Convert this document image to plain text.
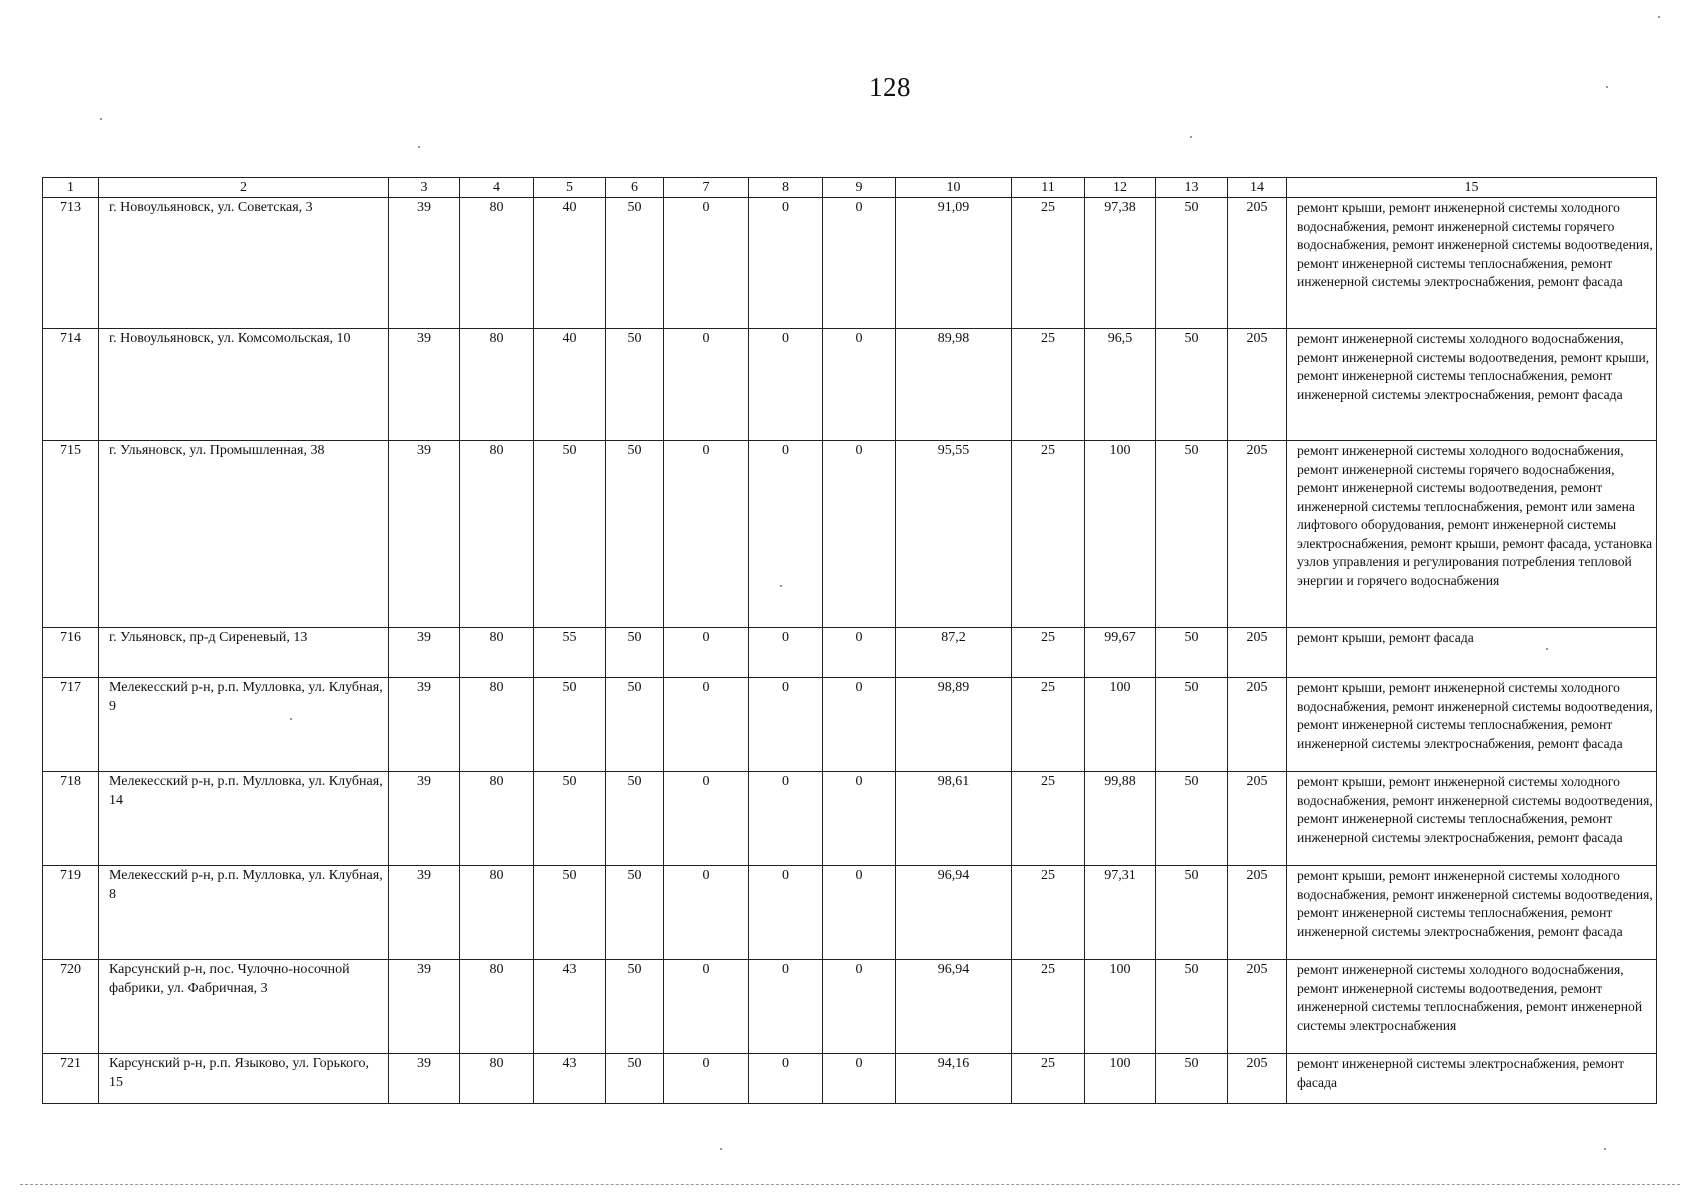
128
1	2	3	4	5	6	7	8	9	10	11	12	13	14	15
713	г. Новоульяновск, ул. Советская, 3	39	80	40	50	0	0	0	91,09	25	97,38	50	205	ремонт крыши, ремонт инженерной системы холодного водоснабжения, ремонт инженерной системы горячего водоснабжения, ремонт инженерной системы водоотведения, ремонт инженерной системы теплоснабжения, ремонт инженерной системы электроснабжения, ремонт фасада
714	г. Новоульяновск, ул. Комсомольская, 10	39	80	40	50	0	0	0	89,98	25	96,5	50	205	ремонт инженерной системы холодного водоснабжения, ремонт инженерной системы водоотведения, ремонт крыши, ремонт инженерной системы теплоснабжения, ремонт инженерной системы электроснабжения, ремонт фасада
715	г. Ульяновск, ул. Промышленная, 38	39	80	50	50	0	0	0	95,55	25	100	50	205	ремонт инженерной системы холодного водоснабжения, ремонт инженерной системы горячего водоснабжения, ремонт инженерной системы водоотведения, ремонт инженерной системы теплоснабжения, ремонт или замена лифтового оборудования, ремонт инженерной системы электроснабжения, ремонт крыши, ремонт фасада, установка узлов управления и регулирования потребления тепловой энергии и горячего водоснабжения
716	г. Ульяновск, пр-д Сиреневый, 13	39	80	55	50	0	0	0	87,2	25	99,67	50	205	ремонт крыши, ремонт фасада
717	Мелекесский р-н, р.п. Мулловка, ул. Клубная, 9	39	80	50	50	0	0	0	98,89	25	100	50	205	ремонт крыши, ремонт инженерной системы холодного водоснабжения, ремонт инженерной системы водоотведения, ремонт инженерной системы теплоснабжения, ремонт инженерной системы электроснабжения, ремонт фасада
718	Мелекесский р-н, р.п. Мулловка, ул. Клубная, 14	39	80	50	50	0	0	0	98,61	25	99,88	50	205	ремонт крыши, ремонт инженерной системы холодного водоснабжения, ремонт инженерной системы водоотведения, ремонт инженерной системы теплоснабжения, ремонт инженерной системы электроснабжения, ремонт фасада
719	Мелекесский р-н, р.п. Мулловка, ул. Клубная, 8	39	80	50	50	0	0	0	96,94	25	97,31	50	205	ремонт крыши, ремонт инженерной системы холодного водоснабжения, ремонт инженерной системы водоотведения, ремонт инженерной системы теплоснабжения, ремонт инженерной системы электроснабжения, ремонт фасада
720	Карсунский р-н, пос. Чулочно-носочной фабрики, ул. Фабричная, 3	39	80	43	50	0	0	0	96,94	25	100	50	205	ремонт инженерной системы холодного водоснабжения, ремонт инженерной системы водоотведения, ремонт инженерной системы теплоснабжения, ремонт инженерной системы электроснабжения
721	Карсунский р-н, р.п. Языково, ул. Горького, 15	39	80	43	50	0	0	0	94,16	25	100	50	205	ремонт инженерной системы электроснабжения, ремонт фасада
